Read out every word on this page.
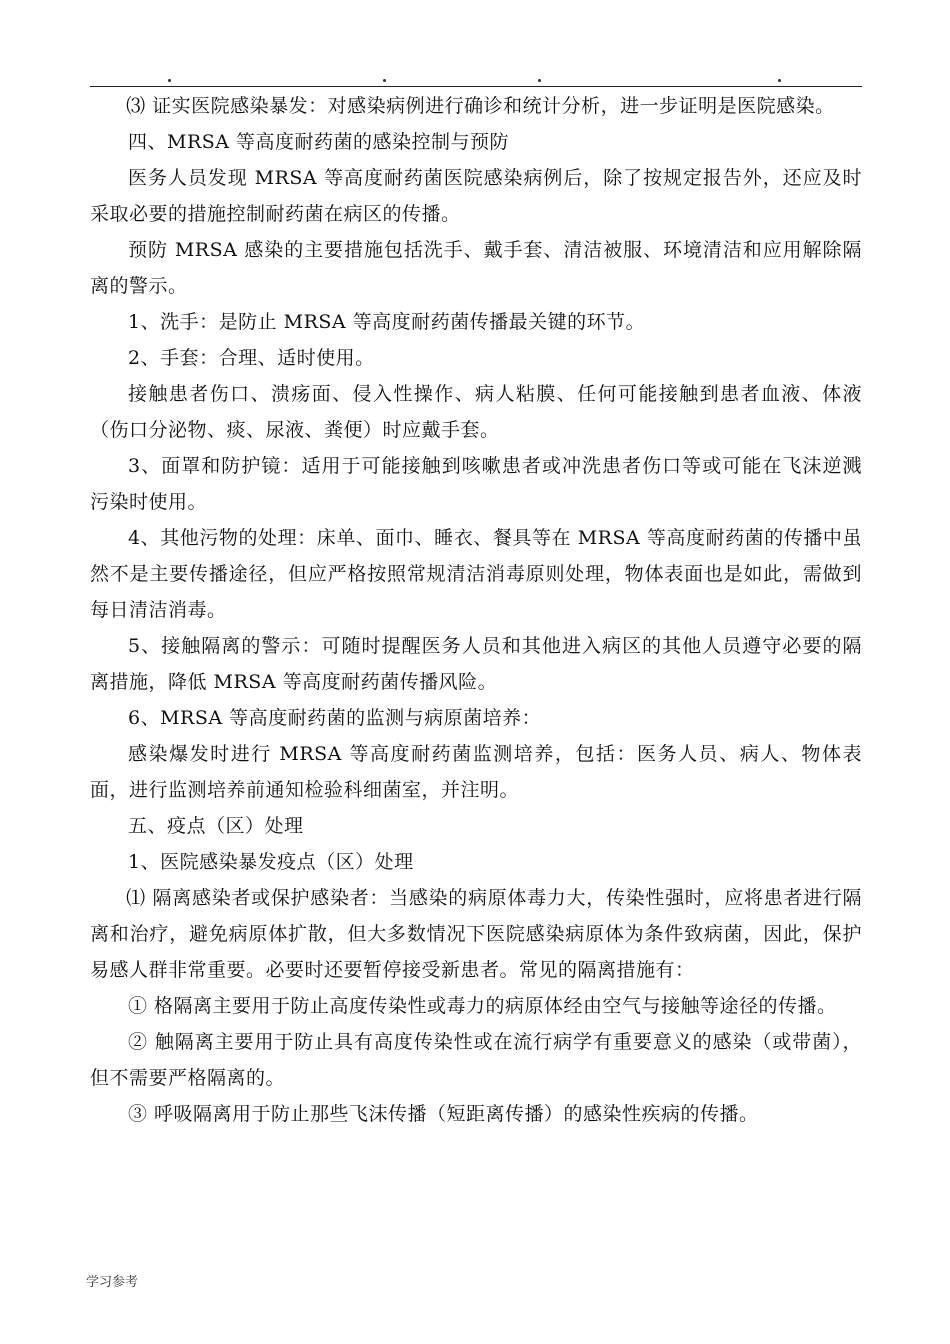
⑶ 证实医院感染暴发：对感染病例进行确诊和统计分析，进一步证明是医院感染。

四、MRSA 等高度耐药菌的感染控制与预防

医务人员发现 MRSA 等高度耐药菌医院感染病例后，除了按规定报告外，还应及时采取必要的措施控制耐药菌在病区的传播。

预防 MRSA 感染的主要措施包括洗手、戴手套、清洁被服、环境清洁和应用解除隔离的警示。

1、洗手：是防止 MRSA 等高度耐药菌传播最关键的环节。

2、手套：合理、适时使用。

接触患者伤口、溃疡面、侵入性操作、病人粘膜、任何可能接触到患者血液、体液（伤口分泌物、痰、尿液、粪便）时应戴手套。

3、面罩和防护镜：适用于可能接触到咳嗽患者或冲洗患者伤口等或可能在飞沫逆溅污染时使用。

4、其他污物的处理：床单、面巾、睡衣、餐具等在 MRSA 等高度耐药菌的传播中虽然不是主要传播途径，但应严格按照常规清洁消毒原则处理，物体表面也是如此，需做到每日清洁消毒。

5、接触隔离的警示：可随时提醒医务人员和其他进入病区的其他人员遵守必要的隔离措施，降低 MRSA 等高度耐药菌传播风险。

6、MRSA 等高度耐药菌的监测与病原菌培养：

感染爆发时进行 MRSA 等高度耐药菌监测培养，包括：医务人员、病人、物体表面，进行监测培养前通知检验科细菌室，并注明。

五、疫点（区）处理

1、医院感染暴发疫点（区）处理

⑴ 隔离感染者或保护感染者：当感染的病原体毒力大，传染性强时，应将患者进行隔离和治疗，避免病原体扩散，但大多数情况下医院感染病原体为条件致病菌，因此，保护易感人群非常重要。必要时还要暂停接受新患者。常见的隔离措施有：

① 格隔离主要用于防止高度传染性或毒力的病原体经由空气与接触等途径的传播。

② 触隔离主要用于防止具有高度传染性或在流行病学有重要意义的感染（或带菌），但不需要严格隔离的。

③ 呼吸隔离用于防止那些飞沫传播（短距离传播）的感染性疾病的传播。

学习参考
